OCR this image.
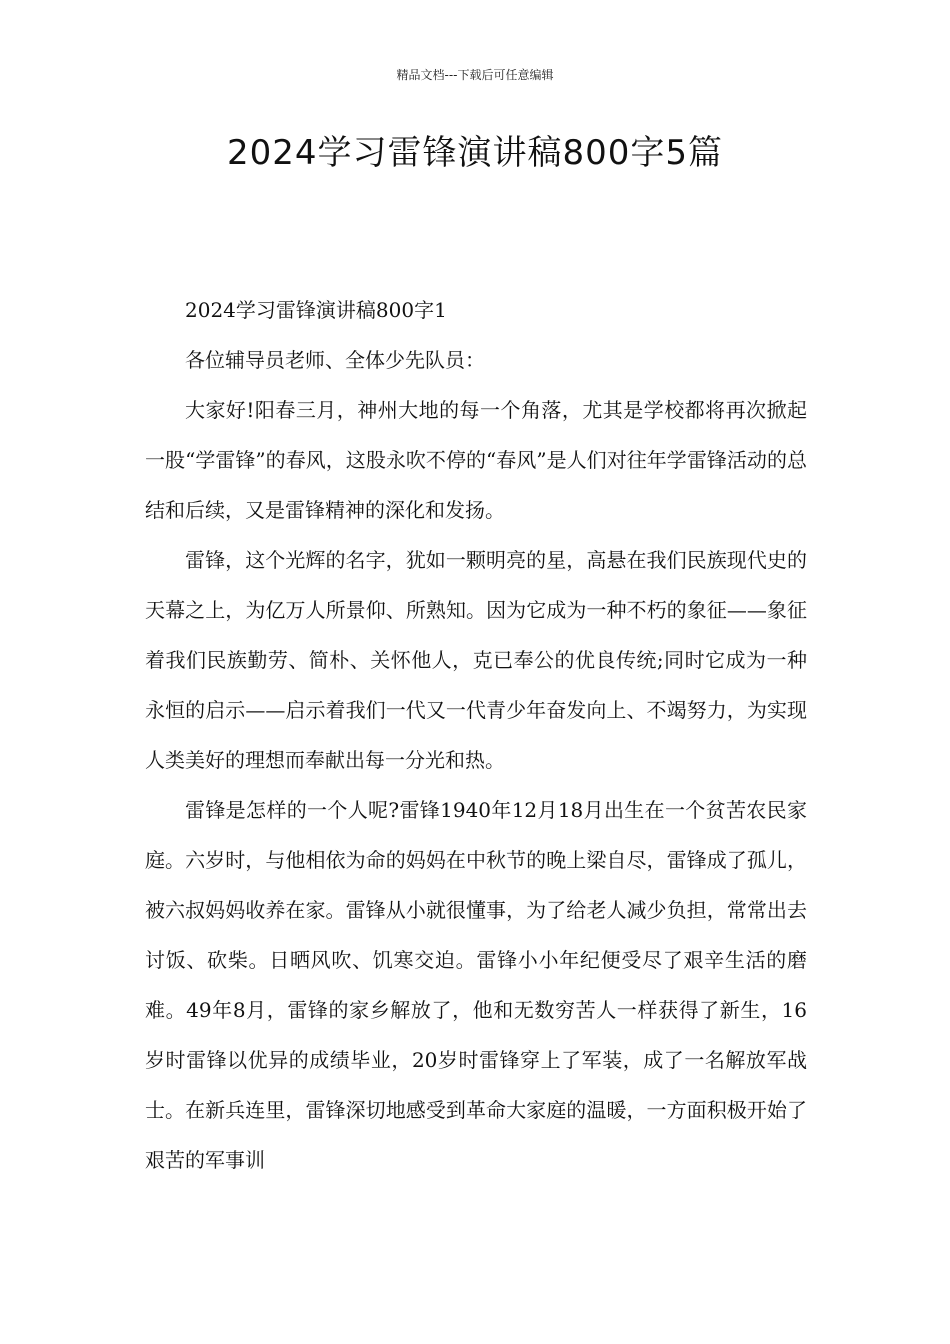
精品文档---下载后可任意编辑
2024学习雷锋演讲稿800字5篇

2024学习雷锋演讲稿800字1

各位辅导员老师、全体少先队员：

大家好!阳春三月，神州大地的每一个角落，尤其是学校都将再次掀起一股“学雷锋”的春风，这股永吹不停的“春风”是人们对往年学雷锋活动的总结和后续，又是雷锋精神的深化和发扬。

雷锋，这个光辉的名字，犹如一颗明亮的星，高悬在我们民族现代史的天幕之上，为亿万人所景仰、所熟知。因为它成为一种不朽的象征——象征着我们民族勤劳、简朴、关怀他人，克已奉公的优良传统;同时它成为一种永恒的启示——启示着我们一代又一代青少年奋发向上、不竭努力，为实现人类美好的理想而奉献出每一分光和热。

雷锋是怎样的一个人呢?雷锋1940年12月18月出生在一个贫苦农民家庭。六岁时，与他相依为命的妈妈在中秋节的晚上梁自尽，雷锋成了孤儿，被六叔妈妈收养在家。雷锋从小就很懂事，为了给老人减少负担，常常出去讨饭、砍柴。日晒风吹、饥寒交迫。雷锋小小年纪便受尽了艰辛生活的磨难。49年8月，雷锋的家乡解放了，他和无数穷苦人一样获得了新生，16岁时雷锋以优异的成绩毕业，20岁时雷锋穿上了军装，成了一名解放军战士。在新兵连里，雷锋深切地感受到革命大家庭的温暖，一方面积极开始了艰苦的军事训
